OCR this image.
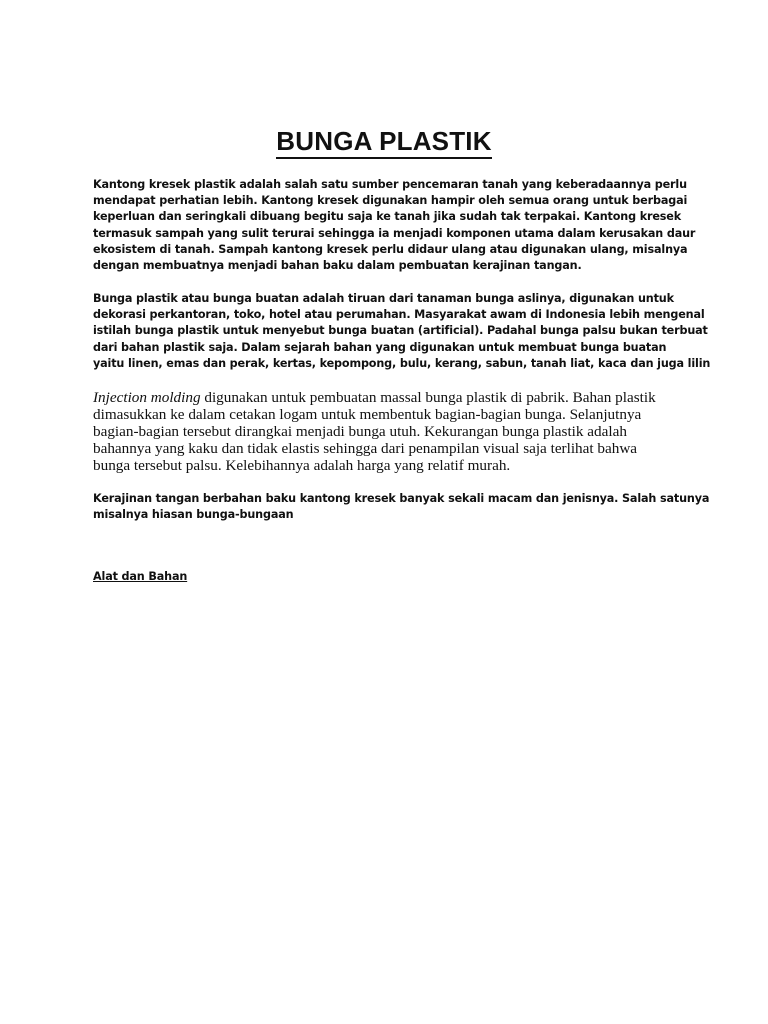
BUNGA PLASTIK
Kantong kresek plastik adalah salah satu sumber pencemaran tanah yang keberadaannya perlu
mendapat perhatian lebih. Kantong kresek digunakan hampir oleh semua orang untuk berbagai
keperluan dan seringkali dibuang begitu saja ke tanah jika sudah tak terpakai. Kantong kresek
termasuk sampah yang sulit terurai sehingga ia menjadi komponen utama dalam kerusakan daur
ekosistem di tanah. Sampah kantong kresek perlu didaur ulang atau digunakan ulang, misalnya
dengan membuatnya menjadi bahan baku dalam pembuatan kerajinan tangan.
Bunga plastik atau bunga buatan adalah tiruan dari tanaman bunga aslinya, digunakan untuk
dekorasi perkantoran, toko, hotel atau perumahan. Masyarakat awam di Indonesia lebih mengenal
istilah bunga plastik untuk menyebut bunga buatan (artificial). Padahal bunga palsu bukan terbuat
dari bahan plastik saja. Dalam sejarah bahan yang digunakan untuk membuat bunga buatan
yaitu linen, emas dan perak, kertas, kepompong, bulu, kerang, sabun, tanah liat, kaca dan juga lilin
Injection molding digunakan untuk pembuatan massal bunga plastik di pabrik. Bahan plastik
dimasukkan ke dalam cetakan logam untuk membentuk bagian-bagian bunga. Selanjutnya
bagian-bagian tersebut dirangkai menjadi bunga utuh. Kekurangan bunga plastik adalah
bahannya yang kaku dan tidak elastis sehingga dari penampilan visual saja terlihat bahwa
bunga tersebut palsu. Kelebihannya adalah harga yang relatif murah.
Kerajinan tangan berbahan baku kantong kresek banyak sekali macam dan jenisnya. Salah satunya
misalnya hiasan bunga-bungaan
Alat dan Bahan
